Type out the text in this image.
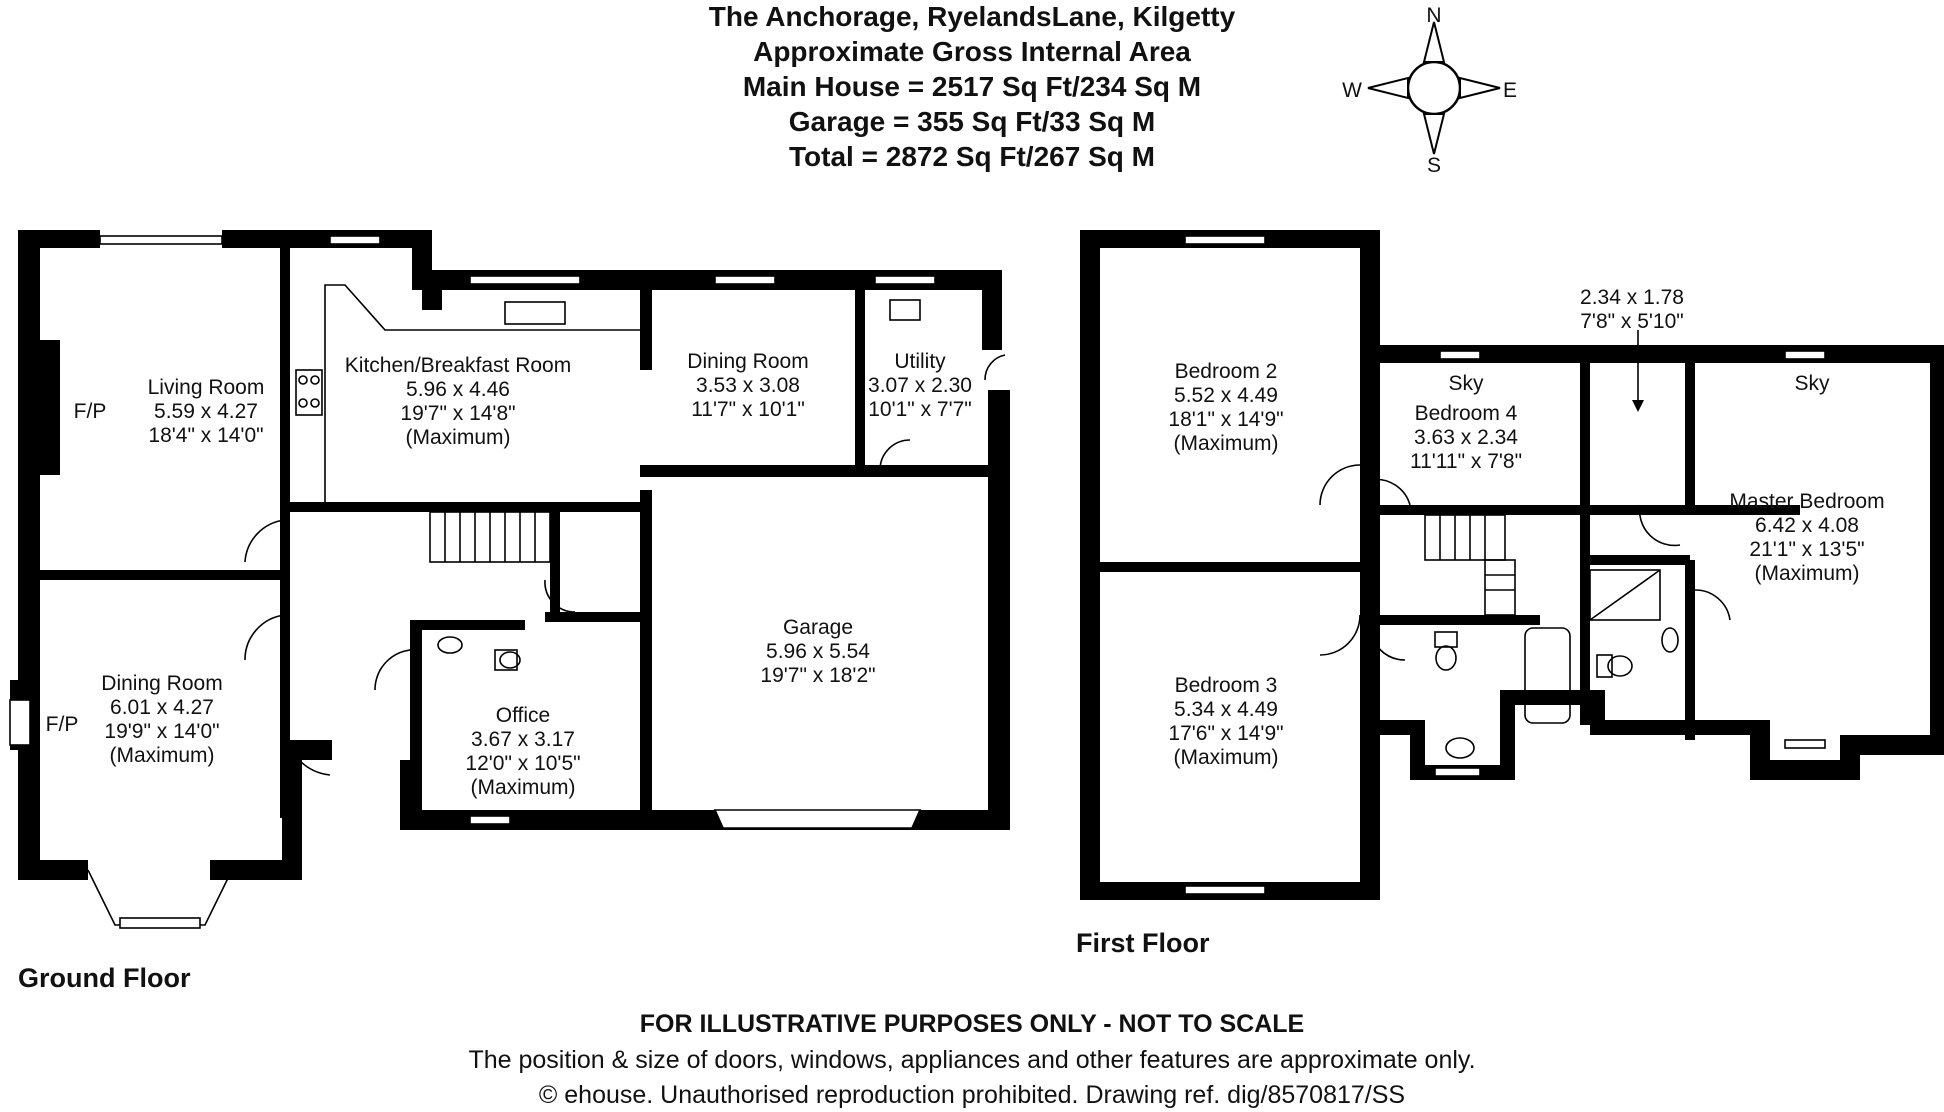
The Anchorage, RyelandsLane, Kilgetty
Approximate Gross Internal Area
Main House = 2517 Sq Ft/234 Sq M
Garage = 355 Sq Ft/33 Sq M
Total = 2872 Sq Ft/267 Sq M
N
S
E
W
Living Room
5.59 x 4.27
18'4" x 14'0"
F/P
Kitchen/Breakfast Room
5.96 x 4.46
19'7" x 14'8"
(Maximum)
Dining Room
3.53 x 3.08
11'7" x 10'1"
Utility
3.07 x 2.30
10'1" x 7'7"
Dining Room
6.01 x 4.27
19'9" x 14'0"
(Maximum)
F/P	Office
3.67 x 3.17
12'0" x 10'5"
(Maximum)
Garage
5.96 x 5.54
19'7" x 18'2"
Bedroom 2
5.52 x 4.49
18'1" x 14'9"
(Maximum)
Bedroom 3
5.34 x 4.49
17'6" x 14'9"
(Maximum)
Sky
Bedroom 4
3.63 x 2.34
11'11" x 7'8"
2.34 x 1.78
7'8" x 5'10"
Sky
Master Bedroom
6.42 x 4.08
21'1" x 13'5"
(Maximum)
Ground Floor
First Floor
FOR ILLUSTRATIVE PURPOSES ONLY - NOT TO SCALE
The position & size of doors, windows, appliances and other features are approximate only.
© ehouse. Unauthorised reproduction prohibited. Drawing ref. dig/8570817/SS
